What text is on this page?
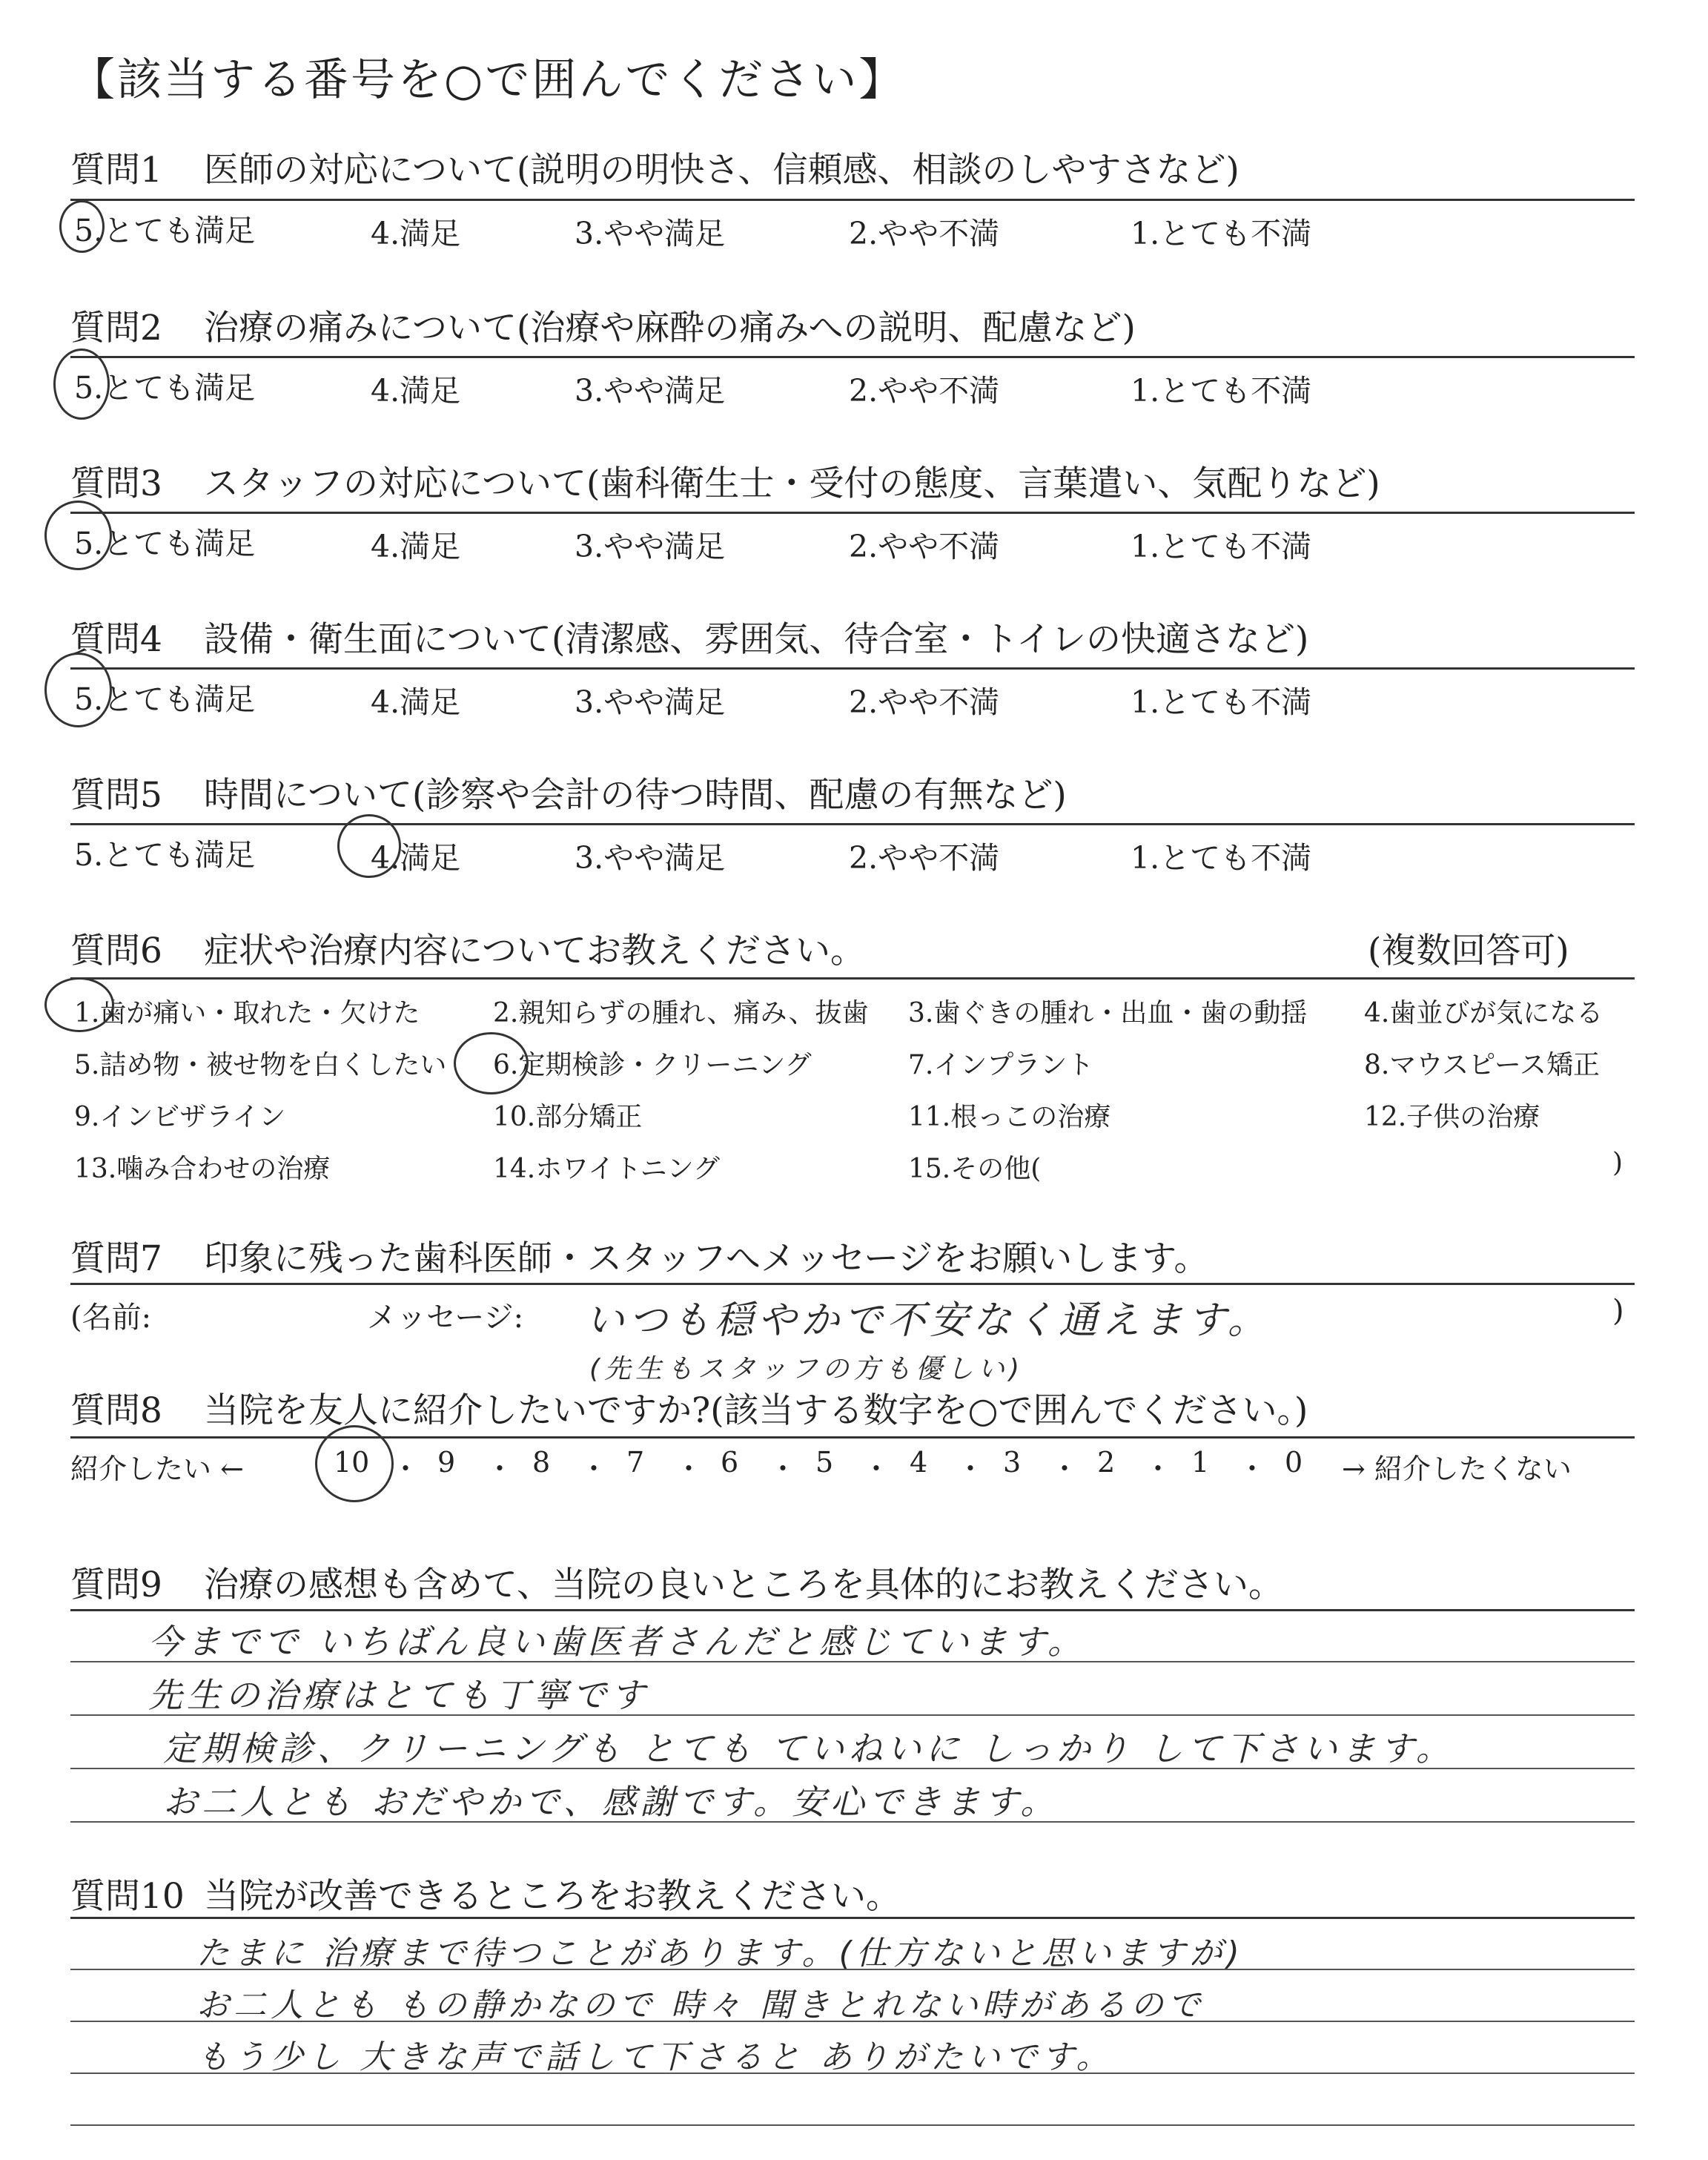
【該当する番号を○で囲んでください】
質問1 医師の対応について(説明の明快さ、信頼感、相談のしやすさなど)
5.とても満足	4.満足	3.やや満足	2.やや不満	1.とても不満
質問2 治療の痛みについて(治療や麻酔の痛みへの説明、配慮など)
5.とても満足	4.満足	3.やや満足	2.やや不満	1.とても不満
質問3 スタッフの対応について(歯科衛生士・受付の態度、言葉遣い、気配りなど)
5.とても満足	4.満足	3.やや満足	2.やや不満	1.とても不満
質問4 設備・衛生面について(清潔感、雰囲気、待合室・トイレの快適さなど)
5.とても満足	4.満足	3.やや満足	2.やや不満	1.とても不満
質問5 時間について(診察や会計の待つ時間、配慮の有無など)
5.とても満足	4.満足	3.やや満足	2.やや不満	1.とても不満
質問6 症状や治療内容についてお教えください。	(複数回答可)
1.歯が痛い・取れた・欠けた	2.親知らずの腫れ、痛み、抜歯 3.歯ぐきの腫れ・出血・歯の動揺 4.歯並びが気になる
5.詰め物・被せ物を白くしたい 6.定期検診・クリーニング	7.インプラント	8.マウスピース矯正
9.インビザライン	10.部分矯正	11.根っこの治療	12.子供の治療
13.噛み合わせの治療	14.ホワイトニング	15.その他(	)
質問7 印象に残った歯科医師・スタッフへメッセージをお願いします。
(名前:	メッセージ: いつも穏やかで不安なく通えます。
(先生もスタッフの方も優しい)
)
質問8 当院を友人に紹介したいですか?(該当する数字を○で囲んでください。)
紹介したい ←	10 ・ 9 ・ 8 ・ 7 ・ 6 ・ 5 ・ 4 ・ 3 ・ 2 ・ 1 ・ 0 → 紹介したくない
質問9 治療の感想も含めて、当院の良いところを具体的にお教えください。
今までで いちばん良い歯医者さんだと感じています。
先生の治療はとても丁寧です
定期検診、クリーニングも とても ていねいに しっかり して下さいます。
お二人とも おだやかで、感謝です。安心できます。
質問10 当院が改善できるところをお教えください。
たまに 治療まで待つことがあります。(仕方ないと思いますが)
お二人とも もの静かなので 時々 聞きとれない時があるので
もう少し 大きな声で話して下さると ありがたいです。
